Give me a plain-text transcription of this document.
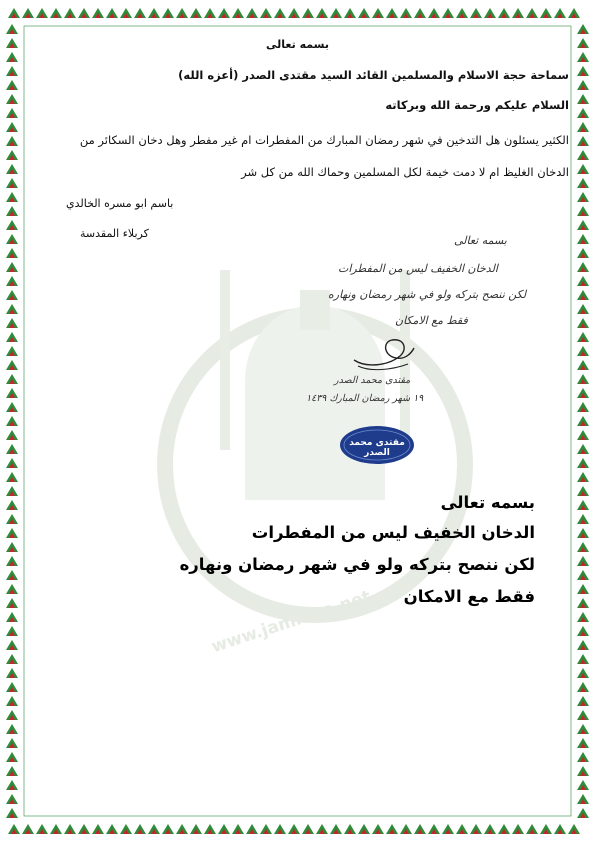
www.jaml3aa.net
بسمه تعالى
سماحة حجة الاسلام والمسلمين القائد السيد مقتدى الصدر (أعزه الله)
السلام عليكم ورحمة الله وبركاته
الكثير يسئلون هل التدخين في شهر رمضان المبارك من المفطرات ام غير مفطر وهل دخان السكائر من
الدخان الغليظ ام لا دمت خيمة لكل المسلمين وحماك الله من كل شر
باسم ابو مسره الخالدي
كربلاء المقدسة
بسمه تعالى
الدخان الخفيف ليس من المفطرات
لكن ننصح بتركه ولو في شهر رمضان ونهاره
فقط مع الامكان
مقتدى محمد الصدر
١٩ شهر رمضان المبارك ١٤٣٩
مقتدى محمد الصدر
بسمه تعالى
الدخان الخفيف ليس من المفطرات
لكن ننصح بتركه ولو في شهر رمضان ونهاره
فقط مع الامكان
